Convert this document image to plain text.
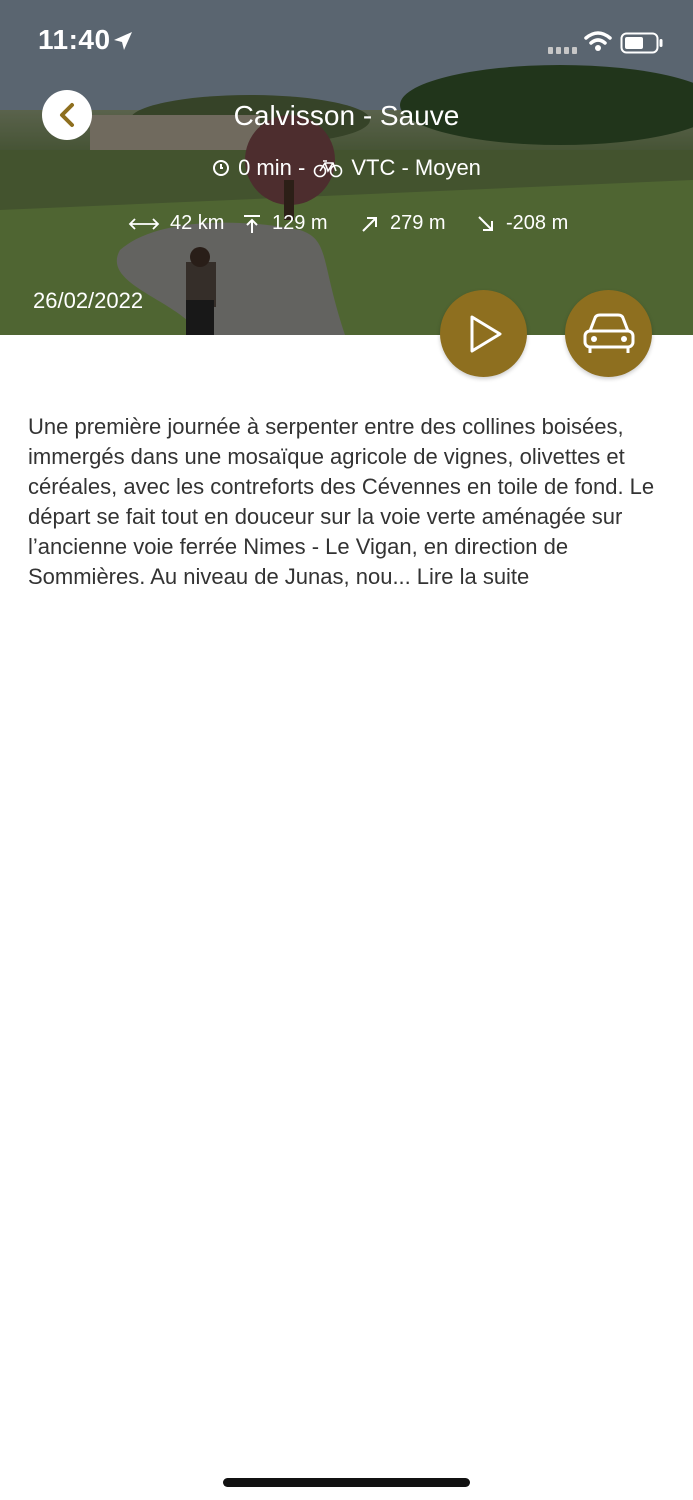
11:40
Calvisson - Sauve
0 min - VTC - Moyen
42 km 129 m	279 m	-208 m
26/02/2022
Une première journée à serpenter entre des collines boisées, immergés dans une mosaïque agricole de vignes, olivettes et céréales, avec les contreforts des Cévennes en toile de fond. Le départ se fait tout en douceur sur la voie verte aménagée sur l’ancienne voie ferrée Nimes - Le Vigan, en direction de Sommières. Au niveau de Junas, nou... Lire la suite
